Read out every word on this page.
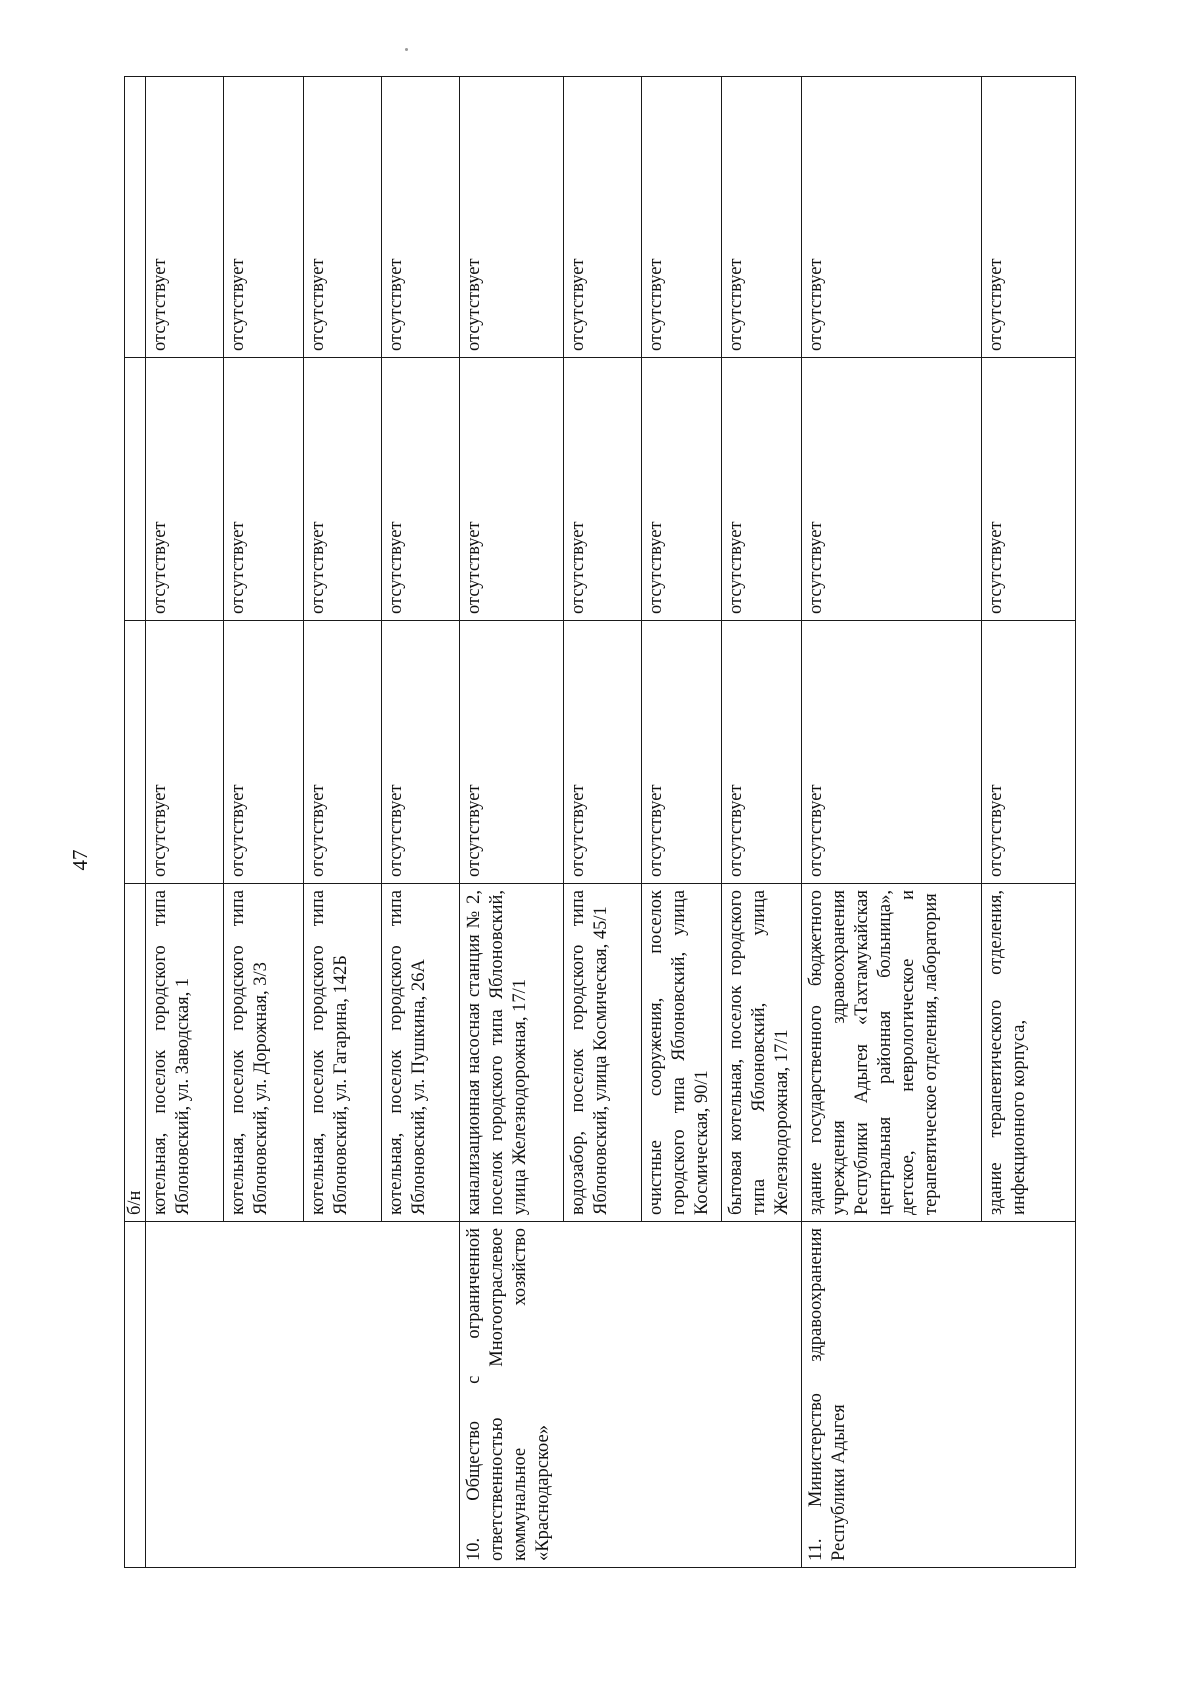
47
	б/н			
	котельная, поселок городского типа Яблоновский, ул. Заводская, 1	отсутствует	отсутствует	отсутствует
	котельная, поселок городского типа Яблоновский, ул. Дорожная, 3/3	отсутствует	отсутствует	отсутствует
	котельная, поселок городского типа Яблоновский, ул. Гагарина, 142Б	отсутствует	отсутствует	отсутствует
	котельная, поселок городского типа Яблоновский, ул. Пушкина, 26А	отсутствует	отсутствует	отсутствует
10. Общество с ограниченной ответственностью Многоотраслевое коммунальное хозяйство «Краснодарское»	канализационная насосная станция № 2, поселок городского типа Яблоновский, улица Железнодорожная, 17/1	отсутствует	отсутствует	отсутствует
	водозабор, поселок городского типа Яблоновский, улица Космическая, 45/1	отсутствует	отсутствует	отсутствует
	очистные сооружения, поселок городского типа Яблоновский, улица Космическая, 90/1	отсутствует	отсутствует	отсутствует
	бытовая котельная, поселок городского типа Яблоновский, улица Железнодорожная, 17/1	отсутствует	отсутствует	отсутствует
11. Министерство здравоохранения Республики Адыгея	здание государственного бюджетного учреждения здравоохранения Республики Адыгея «Тахтамукайская центральная районная больница», детское, неврологическое и терапевтическое отделения, лаборатория	отсутствует	отсутствует	отсутствует
	здание терапевтического отделения, инфекционного корпуса,	отсутствует	отсутствует	отсутствует
